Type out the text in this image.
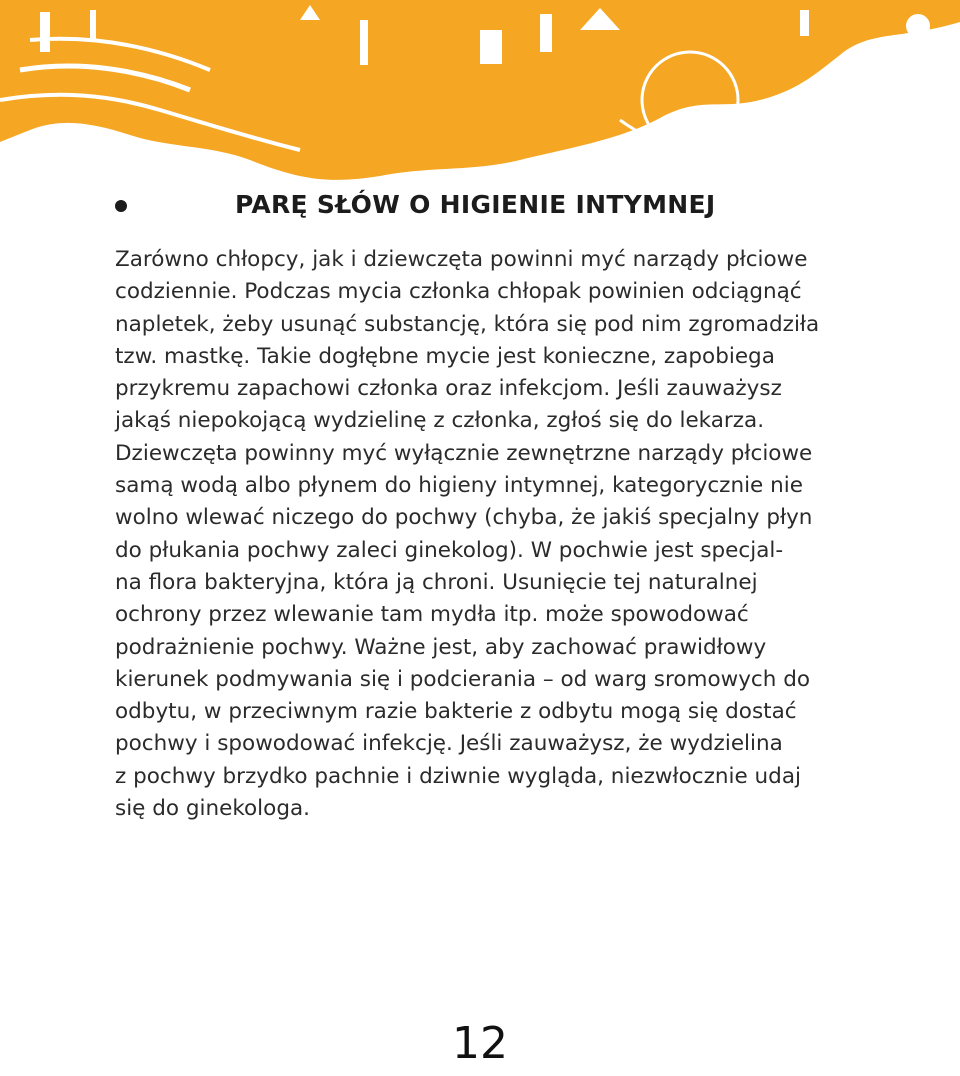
PARĘ SŁÓW O HIGIENIE INTYMNEJ
Zarówno chłopcy, jak i dziewczęta powinni myć narządy płciowe
codziennie. Podczas mycia członka chłopak powinien odciągnąć
napletek, żeby usunąć substancję, która się pod nim zgromadziła
tzw. mastkę. Takie dogłębne mycie jest konieczne, zapobiega
przykremu zapachowi członka oraz infekcjom. Jeśli zauważysz
jakąś niepokojącą wydzielinę z członka, zgłoś się do lekarza.
Dziewczęta powinny myć wyłącznie zewnętrzne narządy płciowe
samą wodą albo płynem do higieny intymnej, kategorycznie nie
wolno wlewać niczego do pochwy (chyba, że jakiś specjalny płyn
do płukania pochwy zaleci ginekolog). W pochwie jest specjal-
na flora bakteryjna, która ją chroni. Usunięcie tej naturalnej
ochrony przez wlewanie tam mydła itp. może spowodować
podrażnienie pochwy. Ważne jest, aby zachować prawidłowy
kierunek podmywania się i podcierania – od warg sromowych do
odbytu, w przeciwnym razie bakterie z odbytu mogą się dostać
pochwy i spowodować infekcję. Jeśli zauważysz, że wydzielina
z pochwy brzydko pachnie i dziwnie wygląda, niezwłocznie udaj
się do ginekologa.
12
